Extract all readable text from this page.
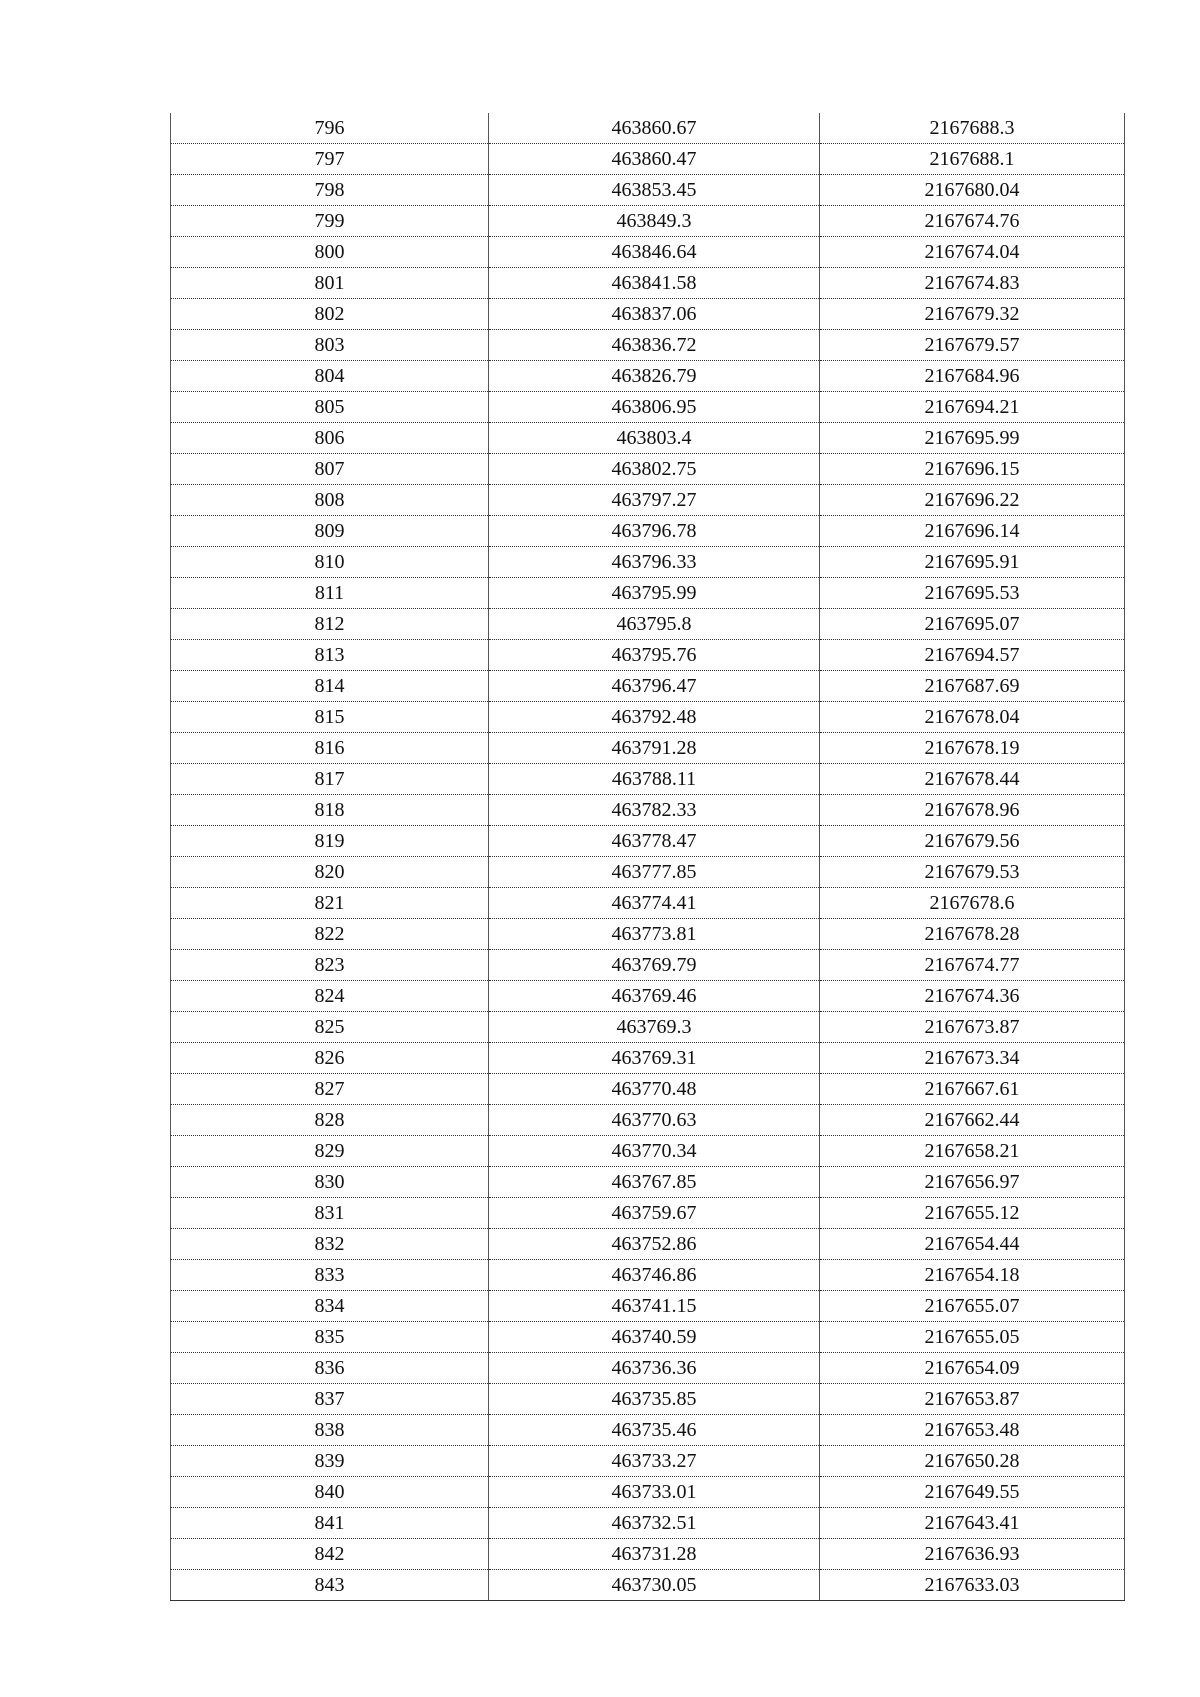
796	463860.67	2167688.3
797	463860.47	2167688.1
798	463853.45	2167680.04
799	463849.3	2167674.76
800	463846.64	2167674.04
801	463841.58	2167674.83
802	463837.06	2167679.32
803	463836.72	2167679.57
804	463826.79	2167684.96
805	463806.95	2167694.21
806	463803.4	2167695.99
807	463802.75	2167696.15
808	463797.27	2167696.22
809	463796.78	2167696.14
810	463796.33	2167695.91
811	463795.99	2167695.53
812	463795.8	2167695.07
813	463795.76	2167694.57
814	463796.47	2167687.69
815	463792.48	2167678.04
816	463791.28	2167678.19
817	463788.11	2167678.44
818	463782.33	2167678.96
819	463778.47	2167679.56
820	463777.85	2167679.53
821	463774.41	2167678.6
822	463773.81	2167678.28
823	463769.79	2167674.77
824	463769.46	2167674.36
825	463769.3	2167673.87
826	463769.31	2167673.34
827	463770.48	2167667.61
828	463770.63	2167662.44
829	463770.34	2167658.21
830	463767.85	2167656.97
831	463759.67	2167655.12
832	463752.86	2167654.44
833	463746.86	2167654.18
834	463741.15	2167655.07
835	463740.59	2167655.05
836	463736.36	2167654.09
837	463735.85	2167653.87
838	463735.46	2167653.48
839	463733.27	2167650.28
840	463733.01	2167649.55
841	463732.51	2167643.41
842	463731.28	2167636.93
843	463730.05	2167633.03
